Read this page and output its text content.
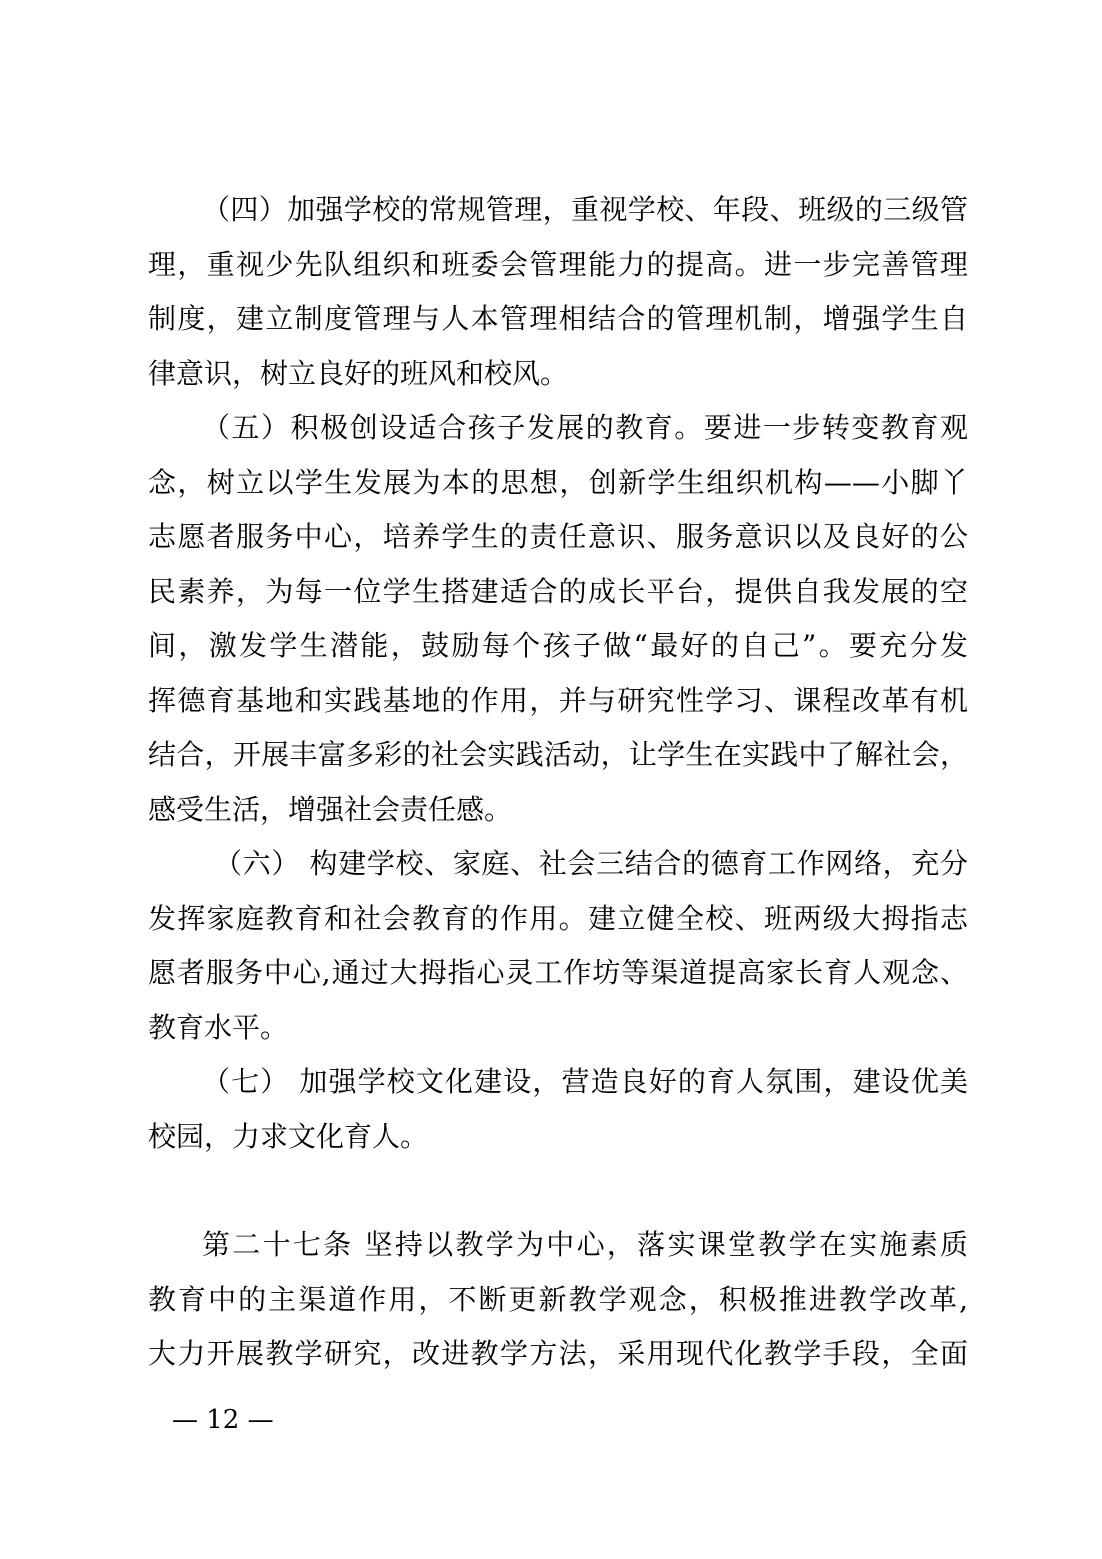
（四）加强学校的常规管理，重视学校、年段、班级的三级管
理，重视少先队组织和班委会管理能力的提高。进一步完善管理
制度，建立制度管理与人本管理相结合的管理机制，增强学生自
律意识，树立良好的班风和校风。
（五）积极创设适合孩子发展的教育。要进一步转变教育观
念，树立以学生发展为本的思想，创新学生组织机构——小脚丫
志愿者服务中心，培养学生的责任意识、服务意识以及良好的公
民素养，为每一位学生搭建适合的成长平台，提供自我发展的空
间，激发学生潜能，鼓励每个孩子做“最好的自己”。要充分发
挥德育基地和实践基地的作用，并与研究性学习、课程改革有机
结合，开展丰富多彩的社会实践活动，让学生在实践中了解社会，
感受生活，增强社会责任感。
（六） 构建学校、家庭、社会三结合的德育工作网络，充分
发挥家庭教育和社会教育的作用。建立健全校、班两级大拇指志
愿者服务中心,通过大拇指心灵工作坊等渠道提高家长育人观念、
教育水平。
（七） 加强学校文化建设，营造良好的育人氛围，建设优美
校园，力求文化育人。
第二十七条 坚持以教学为中心，落实课堂教学在实施素质
教育中的主渠道作用，不断更新教学观念，积极推进教学改革,
大力开展教学研究，改进教学方法，采用现代化教学手段，全面
— 12 —
